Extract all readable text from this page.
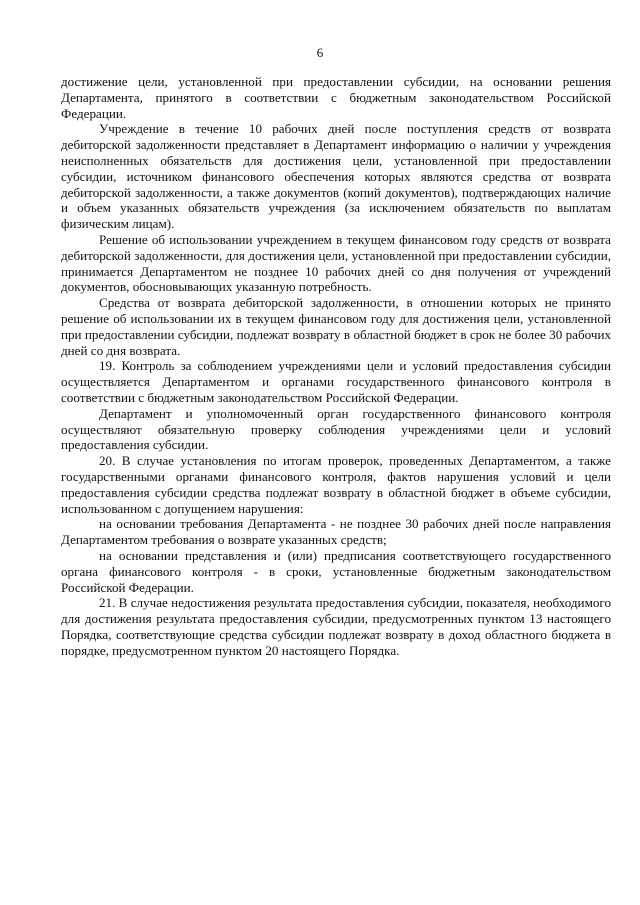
6

достижение цели, установленной при предоставлении субсидии, на основании решения Департамента, принятого в соответствии с бюджетным законодательством Российской Федерации.

Учреждение в течение 10 рабочих дней после поступления средств от возврата дебиторской задолженности представляет в Департамент информацию о наличии у учреждения неисполненных обязательств для достижения цели, установленной при предоставлении субсидии, источником финансового обеспечения которых являются средства от возврата дебиторской задолженности, а также документов (копий документов), подтверждающих наличие и объем указанных обязательств учреждения (за исключением обязательств по выплатам физическим лицам).

Решение об использовании учреждением в текущем финансовом году средств от возврата дебиторской задолженности, для достижения цели, установленной при предоставлении субсидии, принимается Департаментом не позднее 10 рабочих дней со дня получения от учреждений документов, обосновывающих указанную потребность.

Средства от возврата дебиторской задолженности, в отношении которых не принято решение об использовании их в текущем финансовом году для достижения цели, установленной при предоставлении субсидии, подлежат возврату в областной бюджет в срок не более 30 рабочих дней со дня возврата.

19. Контроль за соблюдением учреждениями цели и условий предоставления субсидии осуществляется Департаментом и органами государственного финансового контроля в соответствии с бюджетным законодательством Российской Федерации.

Департамент и уполномоченный орган государственного финансового контроля осуществляют обязательную проверку соблюдения учреждениями цели и условий предоставления субсидии.

20. В случае установления по итогам проверок, проведенных Департаментом, а также государственными органами финансового контроля, фактов нарушения условий и цели предоставления субсидии средства подлежат возврату в областной бюджет в объеме субсидии, использованном с допущением нарушения:

на основании требования Департамента - не позднее 30 рабочих дней после направления Департаментом требования о возврате указанных средств;

на основании представления и (или) предписания соответствующего государственного органа финансового контроля - в сроки, установленные бюджетным законодательством Российской Федерации.

21. В случае недостижения результата предоставления субсидии, показателя, необходимого для достижения результата предоставления субсидии, предусмотренных пунктом 13 настоящего Порядка, соответствующие средства субсидии подлежат возврату в доход областного бюджета в порядке, предусмотренном пунктом 20 настоящего Порядка.
